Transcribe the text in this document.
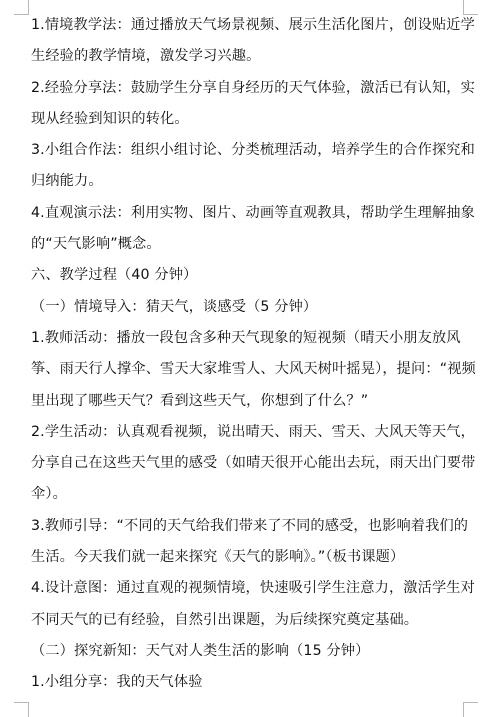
1.情境教学法：通过播放天气场景视频、展示生活化图片，创设贴近学生经验的教学情境，激发学习兴趣。

2.经验分享法：鼓励学生分享自身经历的天气体验，激活已有认知，实现从经验到知识的转化。

3.小组合作法：组织小组讨论、分类梳理活动，培养学生的合作探究和归纳能力。

4.直观演示法：利用实物、图片、动画等直观教具，帮助学生理解抽象的“天气影响”概念。

六、教学过程（40 分钟）

（一）情境导入：猜天气，谈感受（5 分钟）

1.教师活动：播放一段包含多种天气现象的短视频（晴天小朋友放风筝、雨天行人撑伞、雪天大家堆雪人、大风天树叶摇晃），提问：“视频里出现了哪些天气？看到这些天气，你想到了什么？”

2.学生活动：认真观看视频，说出晴天、雨天、雪天、大风天等天气，分享自己在这些天气里的感受（如晴天很开心能出去玩，雨天出门要带伞）。

3.教师引导：“不同的天气给我们带来了不同的感受，也影响着我们的生活。今天我们就一起来探究《天气的影响》。”（板书课题）

4.设计意图：通过直观的视频情境，快速吸引学生注意力，激活学生对不同天气的已有经验，自然引出课题，为后续探究奠定基础。

（二）探究新知：天气对人类生活的影响（15 分钟）

1.小组分享：我的天气体验
